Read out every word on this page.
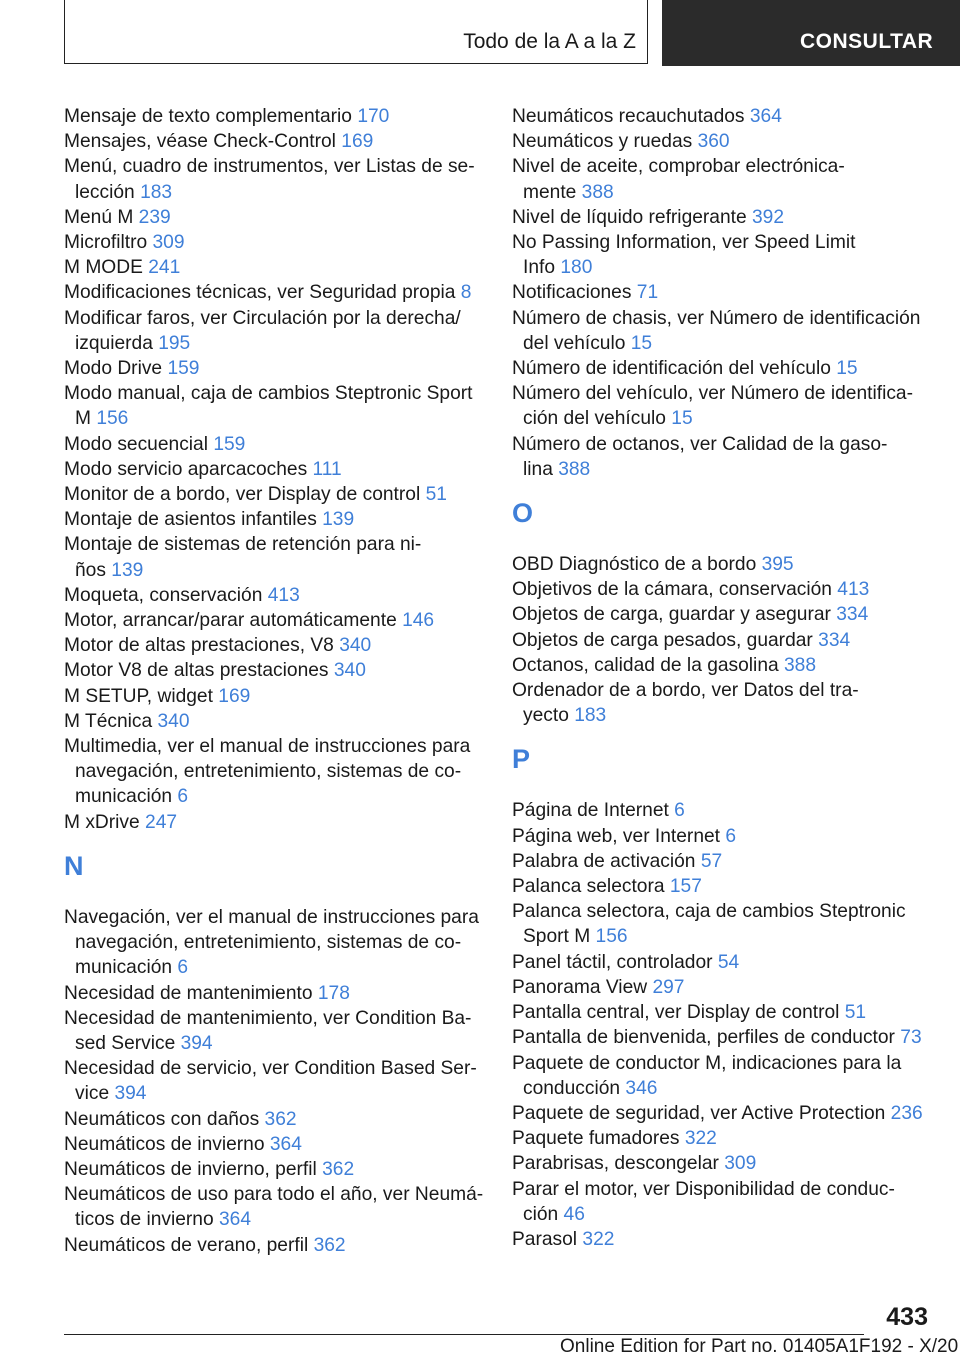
Todo de la A a la Z	CONSULTAR
Mensaje de texto complementario 170
Mensajes, véase Check-Control 169
Menú, cuadro de instrumentos, ver Listas de se-
lección 183
Menú M 239
Microfiltro 309
M MODE 241
Modificaciones técnicas, ver Seguridad propia 8
Modificar faros, ver Circulación por la derecha/
izquierda 195
Modo Drive 159
Modo manual, caja de cambios Steptronic Sport
M 156
Modo secuencial 159
Modo servicio aparcacoches 111
Monitor de a bordo, ver Display de control 51
Montaje de asientos infantiles 139
Montaje de sistemas de retención para ni-
ños 139
Moqueta, conservación 413
Motor, arrancar/parar automáticamente 146
Motor de altas prestaciones, V8 340
Motor V8 de altas prestaciones 340
M SETUP, widget 169
M Técnica 340
Multimedia, ver el manual de instrucciones para
navegación, entretenimiento, sistemas de co-
municación 6
M xDrive 247
N
Navegación, ver el manual de instrucciones para
navegación, entretenimiento, sistemas de co-
municación 6
Necesidad de mantenimiento 178
Necesidad de mantenimiento, ver Condition Ba-
sed Service 394
Necesidad de servicio, ver Condition Based Ser-
vice 394
Neumáticos con daños 362
Neumáticos de invierno 364
Neumáticos de invierno, perfil 362
Neumáticos de uso para todo el año, ver Neumá-
ticos de invierno 364
Neumáticos de verano, perfil 362
Neumáticos recauchutados 364
Neumáticos y ruedas 360
Nivel de aceite, comprobar electrónica-
mente 388
Nivel de líquido refrigerante 392
No Passing Information, ver Speed Limit
Info 180
Notificaciones 71
Número de chasis, ver Número de identificación
del vehículo 15
Número de identificación del vehículo 15
Número del vehículo, ver Número de identifica-
ción del vehículo 15
Número de octanos, ver Calidad de la gaso-
lina 388
O
OBD Diagnóstico de a bordo 395
Objetivos de la cámara, conservación 413
Objetos de carga, guardar y asegurar 334
Objetos de carga pesados, guardar 334
Octanos, calidad de la gasolina 388
Ordenador de a bordo, ver Datos del tra-
yecto 183
P
Página de Internet 6
Página web, ver Internet 6
Palabra de activación 57
Palanca selectora 157
Palanca selectora, caja de cambios Steptronic
Sport M 156
Panel táctil, controlador 54
Panorama View 297
Pantalla central, ver Display de control 51
Pantalla de bienvenida, perfiles de conductor 73
Paquete de conductor M, indicaciones para la
conducción 346
Paquete de seguridad, ver Active Protection 236
Paquete fumadores 322
Parabrisas, descongelar 309
Parar el motor, ver Disponibilidad de conduc-
ción 46
Parasol 322
433
Online Edition for Part no. 01405A1F192 - X/20
